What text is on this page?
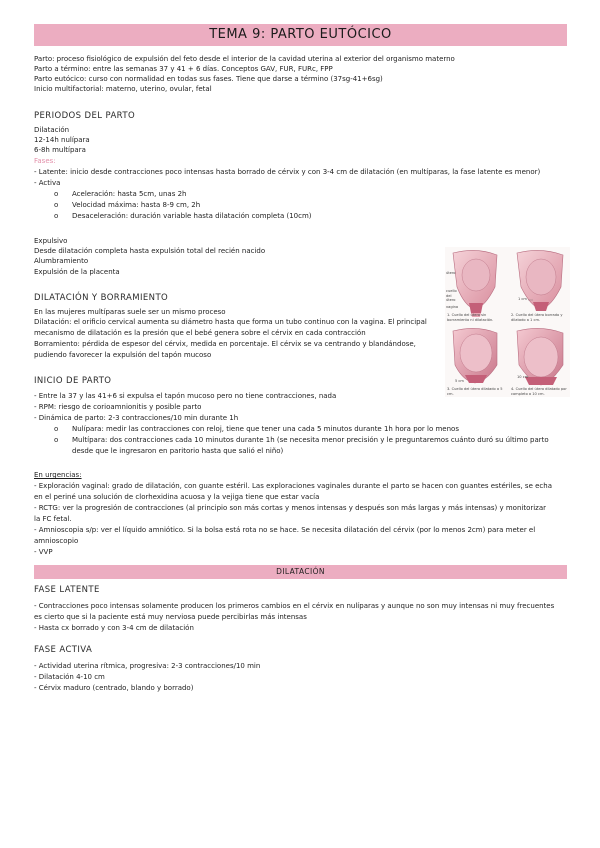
TEMA 9: PARTO EUTÓCICO
Parto: proceso fisiológico de expulsión del feto desde el interior de la cavidad uterina al exterior del organismo materno
Parto a término: entre las semanas 37 y 41 + 6 días. Conceptos GAV, FUR, FURc, FPP
Parto eutócico: curso con normalidad en todas sus fases. Tiene que darse a término (37sg-41+6sg)
Inicio multifactorial: materno, uterino, ovular, fetal
PERIODOS DEL PARTO
Dilatación
12-14h nulípara
6-8h multípara
Fases:
- Latente: inicio desde contracciones poco intensas hasta borrado de cérvix y con 3-4 cm de dilatación (en multíparas, la fase latente es menor)
- Activa
o Aceleración: hasta 5cm, unas 2h
o Velocidad máxima: hasta 8-9 cm, 2h
o Desaceleración: duración variable hasta dilatación completa (10cm)
Expulsivo
Desde dilatación completa hasta expulsión total del recién nacido
Alumbramiento
Expulsión de la placenta
DILATACIÓN Y BORRAMIENTO
En las mujeres multíparas suele ser un mismo proceso
Dilatación: el orificio cervical aumenta su diámetro hasta que forma un tubo continuo con la vagina. El principal
mecanismo de dilatación es la presión que el bebé genera sobre el cérvix en cada contracción
Borramiento: pérdida de espesor del cérvix, medida en porcentaje. El cérvix se va centrando y blandándose,
pudiendo favorecer la expulsión del tapón mucoso
INICIO DE PARTO
- Entre la 37 y las 41+6 si expulsa el tapón mucoso pero no tiene contracciones, nada
- RPM: riesgo de corioamnionitis y posible parto
- Dinámica de parto: 2-3 contracciones/10 min durante 1h
o Nulípara: medir las contracciones con reloj, tiene que tener una cada 5 minutos durante 1h hora por lo menos
o Multípara: dos contracciones cada 10 minutos durante 1h (se necesita menor precisión y le preguntaremos cuánto duró su último parto
desde que le ingresaron en paritorio hasta que salió el niño)
En urgencias:
- Exploración vaginal: grado de dilatación, con guante estéril. Las exploraciones vaginales durante el parto se hacen con guantes estériles, se echa
en el periné una solución de clorhexidina acuosa y la vejiga tiene que estar vacía
- RCTG: ver la progresión de contracciones (al principio son más cortas y menos intensas y después son más largas y más intensas) y monitorizar
la FC fetal.
- Amnioscopia s/p: ver el líquido amniótico. Si la bolsa está rota no se hace. Se necesita dilatación del cérvix (por lo menos 2cm) para meter el
amnioscopio
- VVP
DILATACIÓN
FASE LATENTE
- Contracciones poco intensas solamente producen los primeros cambios en el cérvix en nulíparas y aunque no son muy intensas ni muy frecuentes
es cierto que si la paciente está muy nerviosa puede percibirlas más intensas
- Hasta cx borrado y con 3-4 cm de dilatación
FASE ACTIVA
- Actividad uterina rítmica, progresiva: 2-3 contracciones/10 min
- Dilatación 4-10 cm
- Cérvix maduro (centrado, blando y borrado)
útero
cuello del útero
vagina
1 cm
5 cm
10 cm
1. Cuello del útero sin borramiento ni dilatación.
2. Cuello del útero borrado y dilatado a 1 cm.
3. Cuello del útero dilatado a 5 cm.
4. Cuello del útero dilatado por completo a 10 cm.
